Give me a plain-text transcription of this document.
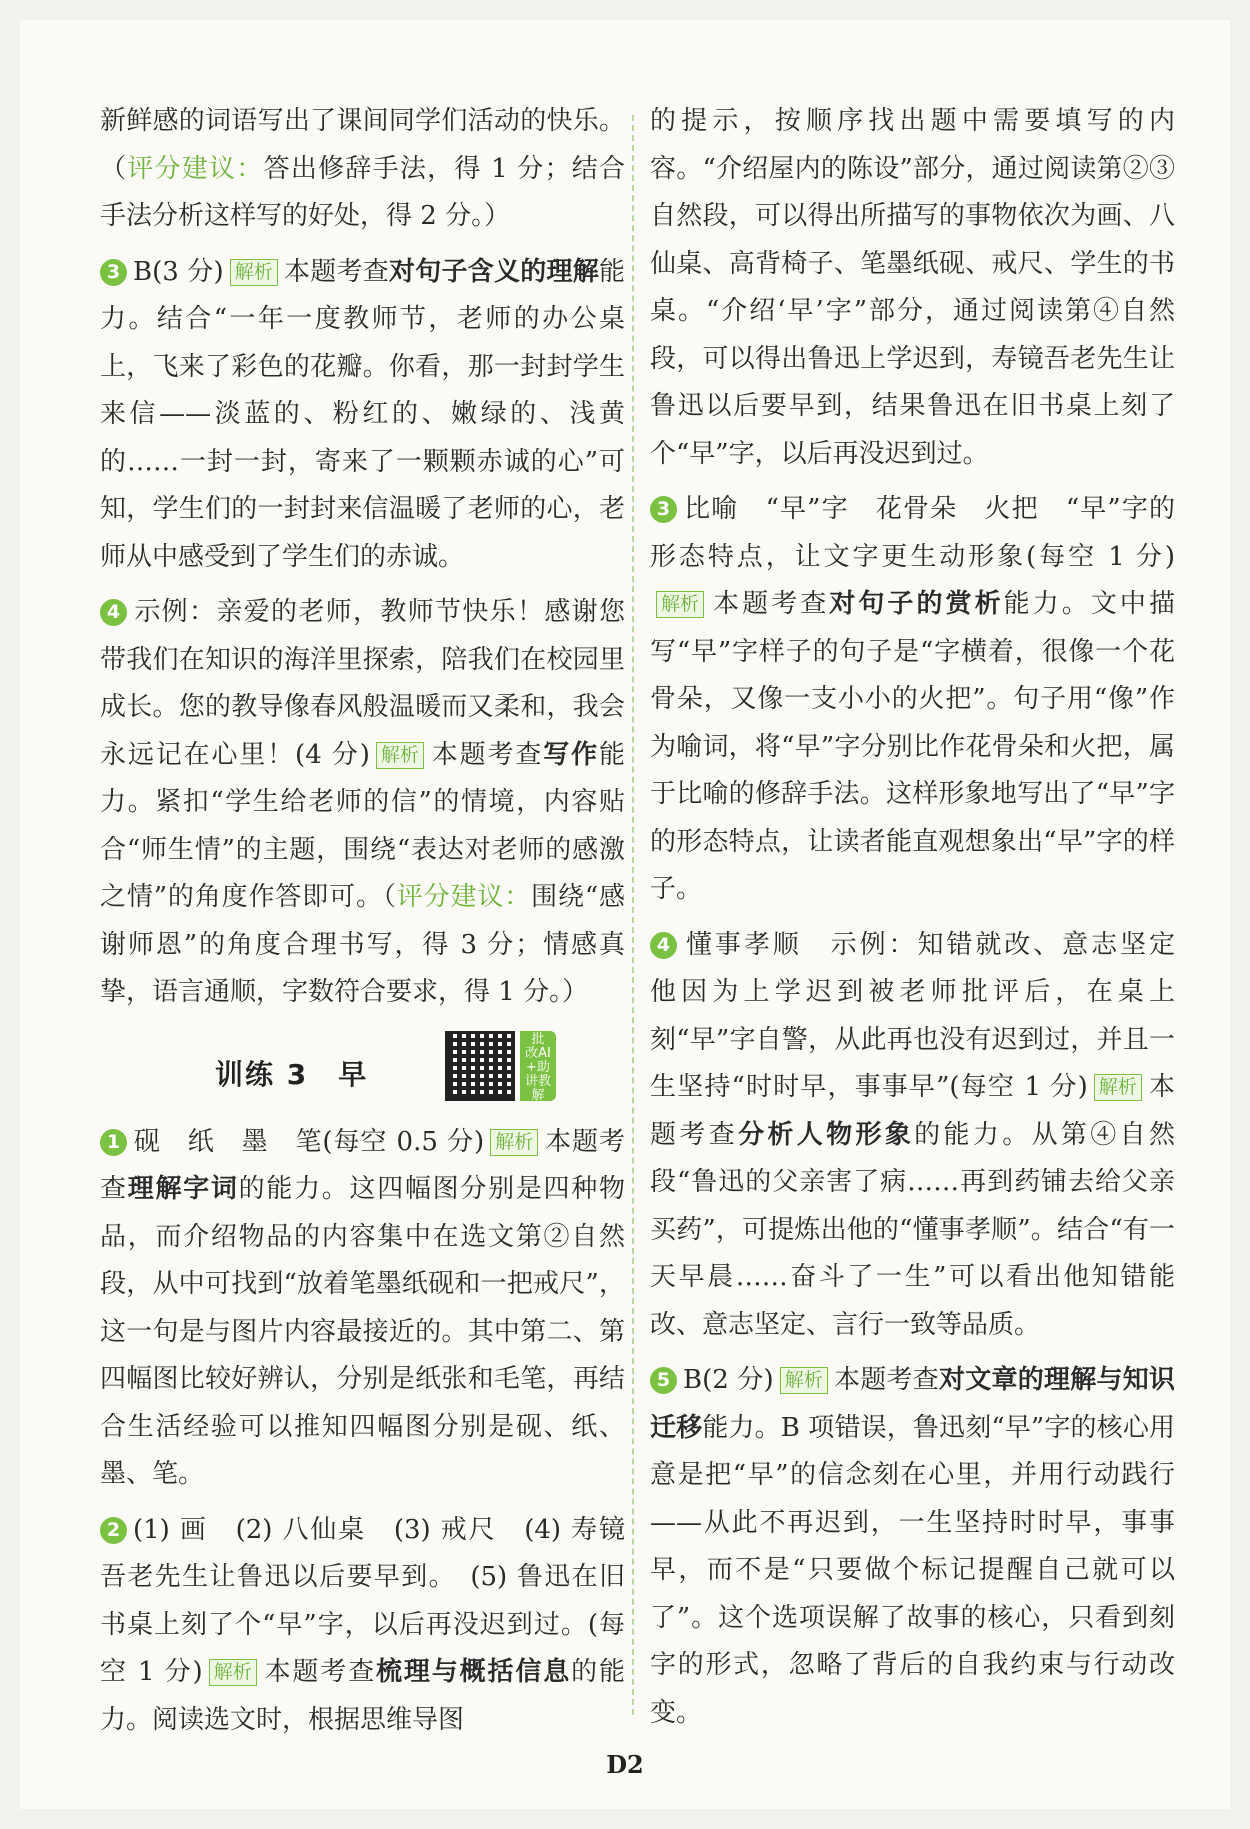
新鲜感的词语写出了课间同学们活动的快乐。（评分建议：答出修辞手法，得 1 分；结合手法分析这样写的好处，得 2 分。）

3 B(3 分) 解析 本题考查对句子含义的理解能力。结合“一年一度教师节，老师的办公桌上，飞来了彩色的花瓣。你看，那一封封学生来信——淡蓝的、粉红的、嫩绿的、浅黄的……一封一封，寄来了一颗颗赤诚的心”可知，学生们的一封封来信温暖了老师的心，老师从中感受到了学生们的赤诚。

4 示例：亲爱的老师，教师节快乐！感谢您带我们在知识的海洋里探索，陪我们在校园里成长。您的教导像春风般温暖而又柔和，我会永远记在心里！(4 分) 解析 本题考查写作能力。紧扣“学生给老师的信”的情境，内容贴合“师生情”的主题，围绕“表达对老师的感激之情”的角度作答即可。（评分建议：围绕“感谢师恩”的角度合理书写，得 3 分；情感真挚，语言通顺，字数符合要求，得 1 分。）

训练 3　早
批
改AI
+助
讲教
解

1 砚　纸　墨　笔(每空 0.5 分) 解析 本题考查理解字词的能力。这四幅图分别是四种物品，而介绍物品的内容集中在选文第②自然段，从中可找到“放着笔墨纸砚和一把戒尺”，这一句是与图片内容最接近的。其中第二、第四幅图比较好辨认，分别是纸张和毛笔，再结合生活经验可以推知四幅图分别是砚、纸、墨、笔。

2 (1) 画　(2) 八仙桌　(3) 戒尺　(4) 寿镜吾老先生让鲁迅以后要早到。　(5) 鲁迅在旧书桌上刻了个“早”字，以后再没迟到过。(每空 1 分) 解析 本题考查梳理与概括信息的能力。阅读选文时，根据思维导图

的提示，按顺序找出题中需要填写的内容。“介绍屋内的陈设”部分，通过阅读第②③自然段，可以得出所描写的事物依次为画、八仙桌、高背椅子、笔墨纸砚、戒尺、学生的书桌。“介绍‘早’字”部分，通过阅读第④自然段，可以得出鲁迅上学迟到，寿镜吾老先生让鲁迅以后要早到，结果鲁迅在旧书桌上刻了个“早”字，以后再没迟到过。

3 比喻　“早”字　花骨朵　火把　“早”字的形态特点，让文字更生动形象(每空 1 分)解析 本题考查对句子的赏析能力。文中描写“早”字样子的句子是“字横着，很像一个花骨朵，又像一支小小的火把”。句子用“像”作为喻词，将“早”字分别比作花骨朵和火把，属于比喻的修辞手法。这样形象地写出了“早”字的形态特点，让读者能直观想象出“早”字的样子。

4 懂事孝顺　示例：知错就改、意志坚定　他因为上学迟到被老师批评后，在桌上刻“早”字自警，从此再也没有迟到过，并且一生坚持“时时早，事事早”(每空 1 分) 解析 本题考查分析人物形象的能力。从第④自然段“鲁迅的父亲害了病……再到药铺去给父亲买药”，可提炼出他的“懂事孝顺”。结合“有一天早晨……奋斗了一生”可以看出他知错能改、意志坚定、言行一致等品质。

5 B(2 分) 解析 本题考查对文章的理解与知识迁移能力。B 项错误，鲁迅刻“早”字的核心用意是把“早”的信念刻在心里，并用行动践行——从此不再迟到，一生坚持时时早，事事早，而不是“只要做个标记提醒自己就可以了”。这个选项误解了故事的核心，只看到刻字的形式，忽略了背后的自我约束与行动改变。

D2
